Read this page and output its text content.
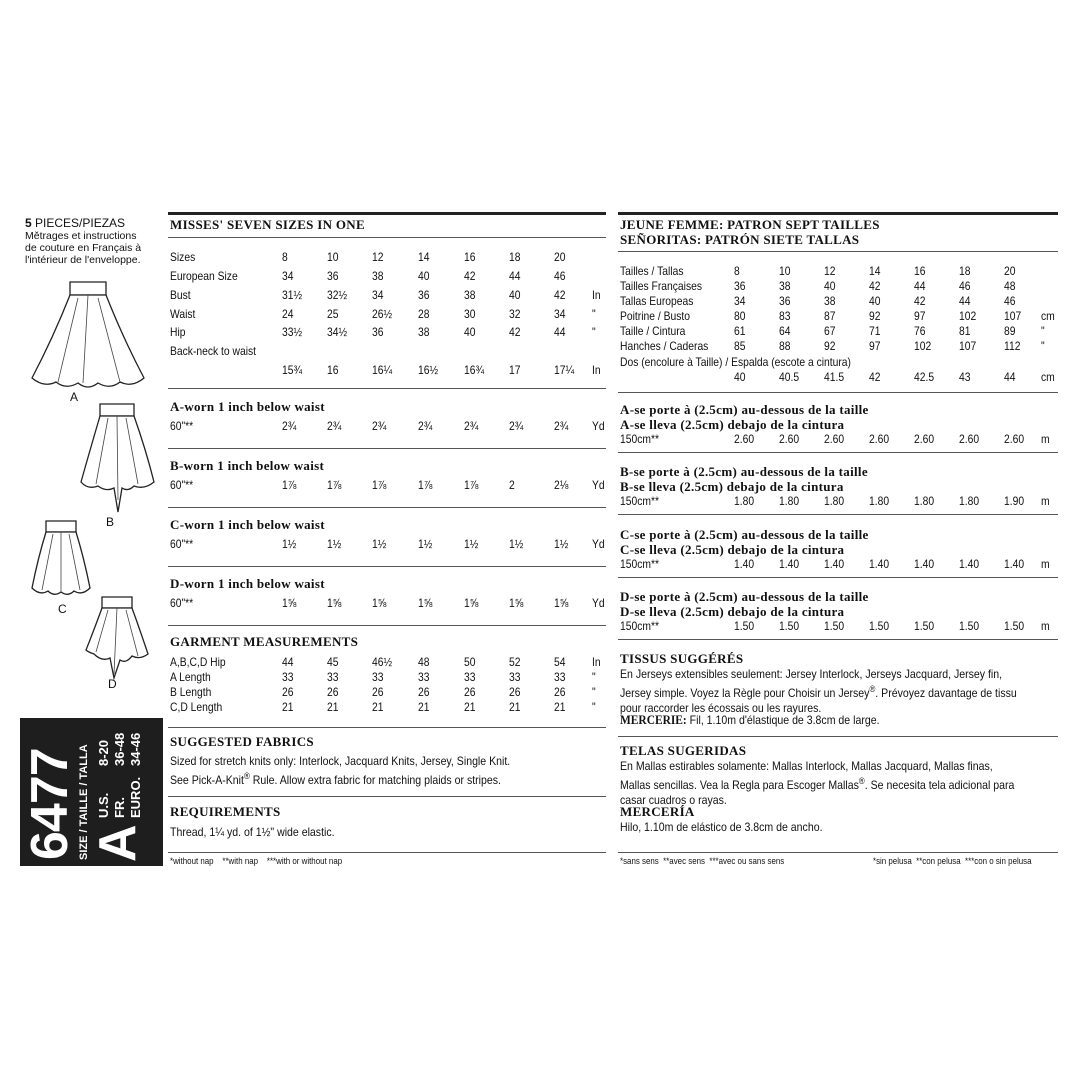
5 PIECES/PIEZAS
Mětrages et instructions
de couture en Français à
l'intérieur de l'enveloppe.
A
B
C
D
6477 SIZE / TAILLE / TALLA A
U.S.8-20
FR.36-48
EURO.34-46
MISSES' SEVEN SIZES IN ONE
Sizes	8	10	12	14	16	18	20
European Size	34	36	38	40	42	44	46
Bust	31½ 32½ 34	36	38	40	42 In
Waist	24	25	26½ 28	30	32	34 "
Hip	33½ 34½ 36	38	40	42	44 "
Back-neck to waist
15¾ 16	16¼ 16½ 16¾ 17	17¼ In
A-worn 1 inch below waist
60"**	2¾	2¾	2¾	2¾	2¾	2¾	2¾ Yd
B-worn 1 inch below waist
60"**	1⅞	1⅞	1⅞	1⅞	1⅞	2	2⅛ Yd
C-worn 1 inch below waist
60"**	1½	1½	1½	1½	1½	1½	1½ Yd
D-worn 1 inch below waist
60"**	1⅝	1⅝	1⅝	1⅝	1⅝	1⅝	1⅝ Yd
GARMENT MEASUREMENTS
A,B,C,D Hip	44	45	46½ 48	50	52	54 In
A Length	33	33	33	33	33	33	33 "
B Length	26	26	26	26	26	26	26 "
C,D Length	21	21	21	21	21	21	21 "
SUGGESTED FABRICS
Sized for stretch knits only: Interlock, Jacquard Knits, Jersey, Single Knit.
See Pick-A-Knit® Rule. Allow extra fabric for matching plaids or stripes.
REQUIREMENTS
Thread, 1¼ yd. of 1½" wide elastic.
*without nap    **with nap    ***with or without nap
JEUNE FEMME: PATRON SEPT TAILLES
SEÑORITAS: PATRÓN SIETE TALLAS
Tailles / Tallas	8	10	12	14	16	18	20
Tailles Françaises	36	38	40	42	44	46	48
Tallas Europeas	34	36	38	40	42	44	46
Poitrine / Busto	80	83	87	92	97	102 107 cm
Taille / Cintura	61	64	67	71	76	81	89 "
Hanches / Caderas 85	88	92	97	102 107 112 "
Dos (encolure à Taille) / Espalda (escote a cintura)
40	40.5 41.5 42	42.5 43	44 cm
A-se porte à (2.5cm) au-dessous de la taille
A-se lleva (2.5cm) debajo de la cintura
150cm**	2.60 2.60 2.60 2.60 2.60 2.60 2.60 m
B-se porte à (2.5cm) au-dessous de la taille
B-se lleva (2.5cm) debajo de la cintura
150cm**	1.80 1.80 1.80 1.80 1.80 1.80 1.90 m
C-se porte à (2.5cm) au-dessous de la taille
C-se lleva (2.5cm) debajo de la cintura
150cm**	1.40 1.40 1.40 1.40 1.40 1.40 1.40 m
D-se porte à (2.5cm) au-dessous de la taille
D-se lleva (2.5cm) debajo de la cintura
150cm**	1.50 1.50 1.50 1.50 1.50 1.50 1.50 m
TISSUS SUGGÉRÉS
En Jerseys extensibles seulement: Jersey Interlock, Jerseys Jacquard, Jersey fin,
Jersey simple. Voyez la Règle pour Choisir un Jersey®. Prévoyez davantage de tissu
pour raccorder les écossais ou les rayures.
MERCERIE: Fil, 1.10m d'élastique de 3.8cm de large.
TELAS SUGERIDAS
En Mallas estirables solamente: Mallas Interlock, Mallas Jacquard, Mallas finas,
Mallas sencillas. Vea la Regla para Escoger Mallas®. Se necesita tela adicional para
casar cuadros o rayas.
MERCERÍA
Hilo, 1.10m de elástico de 3.8cm de ancho.
*sans sens  **avec sens  ***avec ou sans sens	*sin pelusa  **con pelusa  ***con o sin pelusa
